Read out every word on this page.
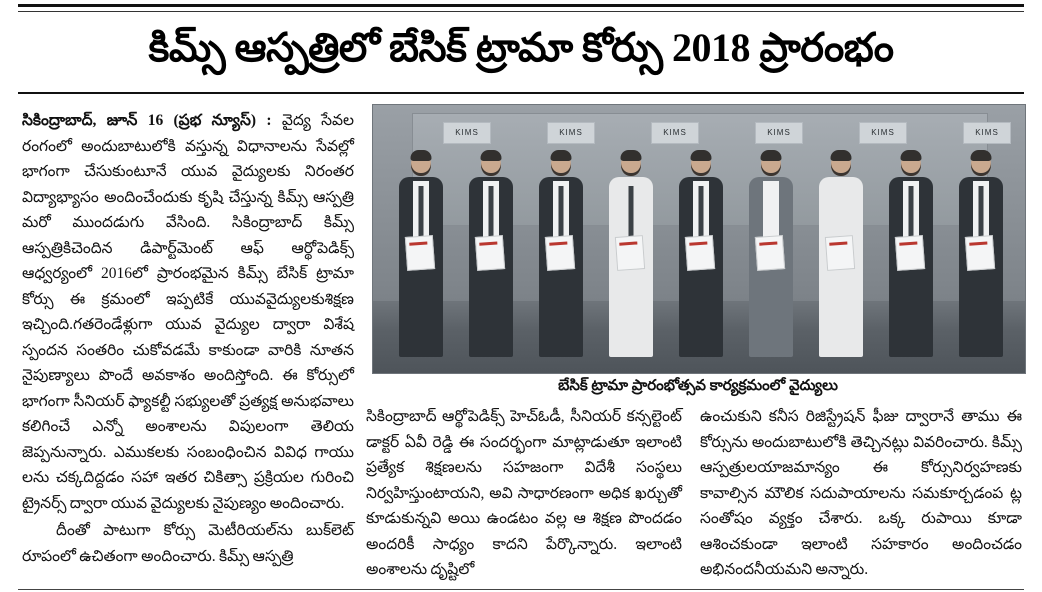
కిమ్స్ ఆస్పత్రిలో బేసిక్ ట్రామా కోర్సు 2018 ప్రారంభం

సికింద్రాబాద్, జూన్ 16 (ప్రభ న్యూస్) : వైద్య సేవల రంగంలో అందుబాటులోకి వస్తున్న విధానాలను సేవల్లో భాగంగా చేసుకుంటూనే యువ వైద్యులకు నిరంతర విద్యాభ్యాసం అందించేందుకు కృషి చేస్తున్న కిమ్స్ ఆస్పత్రి మరో ముందడుగు వేసింది. సికింద్రాబాద్ కిమ్స్ ఆస్పత్రికిచెందిన డిపార్ట్‌మెంట్ ఆఫ్ ఆర్థోపెడిక్స్ ఆధ్వర్యంలో 2016లో ప్రారంభమైన కిమ్స్ బేసిక్ ట్రామా కోర్సు ఈ క్రమంలో ఇప్పటికే యువవైద్యులకుశిక్షణ ఇచ్చింది.గతరెండేళ్లుగా యువ వైద్యుల ద్వారా విశేష స్పందన సంతరిం చుకోవడమే కాకుండా వారికి నూతన నైపుణ్యాలు పొందే అవకాశం అందిస్తోంది. ఈ కోర్సులో భాగంగా సీనియర్ ఫ్యాకల్టీ సభ్యులతో ప్రత్యక్ష అనుభవాలు కలిగించే ఎన్నో అంశాలను విపులంగా తెలియ జెప్పనున్నారు. ఎముకలకు సంబంధించిన వివిధ గాయు లను చక్కదిద్దడం సహా ఇతర చికిత్సా ప్రక్రియల గురించి ట్రైనర్స్ ద్వారా యువ వైద్యులకు నైపుణ్యం అందించారు.

దీంతో పాటుగా కోర్సు మెటీరియల్‌ను బుక్‌లెట్ రూపంలో ఉచితంగా అందించారు. కిమ్స్ ఆస్పత్రి

KIMS	KIMS	KIMS	KIMS	KIMS	KIMS
బేసిక్ ట్రామా ప్రారంభోత్సవ కార్యక్రమంలో వైద్యులు

సికింద్రాబాద్ ఆర్థోపెడిక్స్ హెచ్‌ఓడీ, సీనియర్ కన్సల్టెంట్ డాక్టర్ ఏవీ రెడ్డి ఈ సందర్భంగా మాట్లాడుతూ ఇలాంటి ప్రత్యేక శిక్షణలను సహజంగా విదేశీ సంస్థలు నిర్వహిస్తుంటాయని, అవి సాధారణంగా అధిక ఖర్చుతో కూడుకున్నవి అయి ఉండటం వల్ల ఆ శిక్షణ పొందడం అందరికీ సాధ్యం కాదని పేర్కొన్నారు. ఇలాంటి అంశాలను దృష్టిలో

ఉంచుకుని కనీస రిజిస్ట్రేషన్ ఫీజు ద్వారానే తాము ఈ కోర్సును అందుబాటులోకి తెచ్చినట్లు వివరించారు. కిమ్స్ ఆస్పత్రులయాజమాన్యం ఈ కోర్సుని‌ర్వహణకు కావాల్సిన మౌలిక సదుపాయాలను సమకూర్చడంప ట్ల సంతోషం వ్యక్తం చేశారు. ఒక్క రుపాయి కూడా ఆశించకుండా ఇలాంటి సహకారం అందించడం అభినందనీయమని అన్నారు.
